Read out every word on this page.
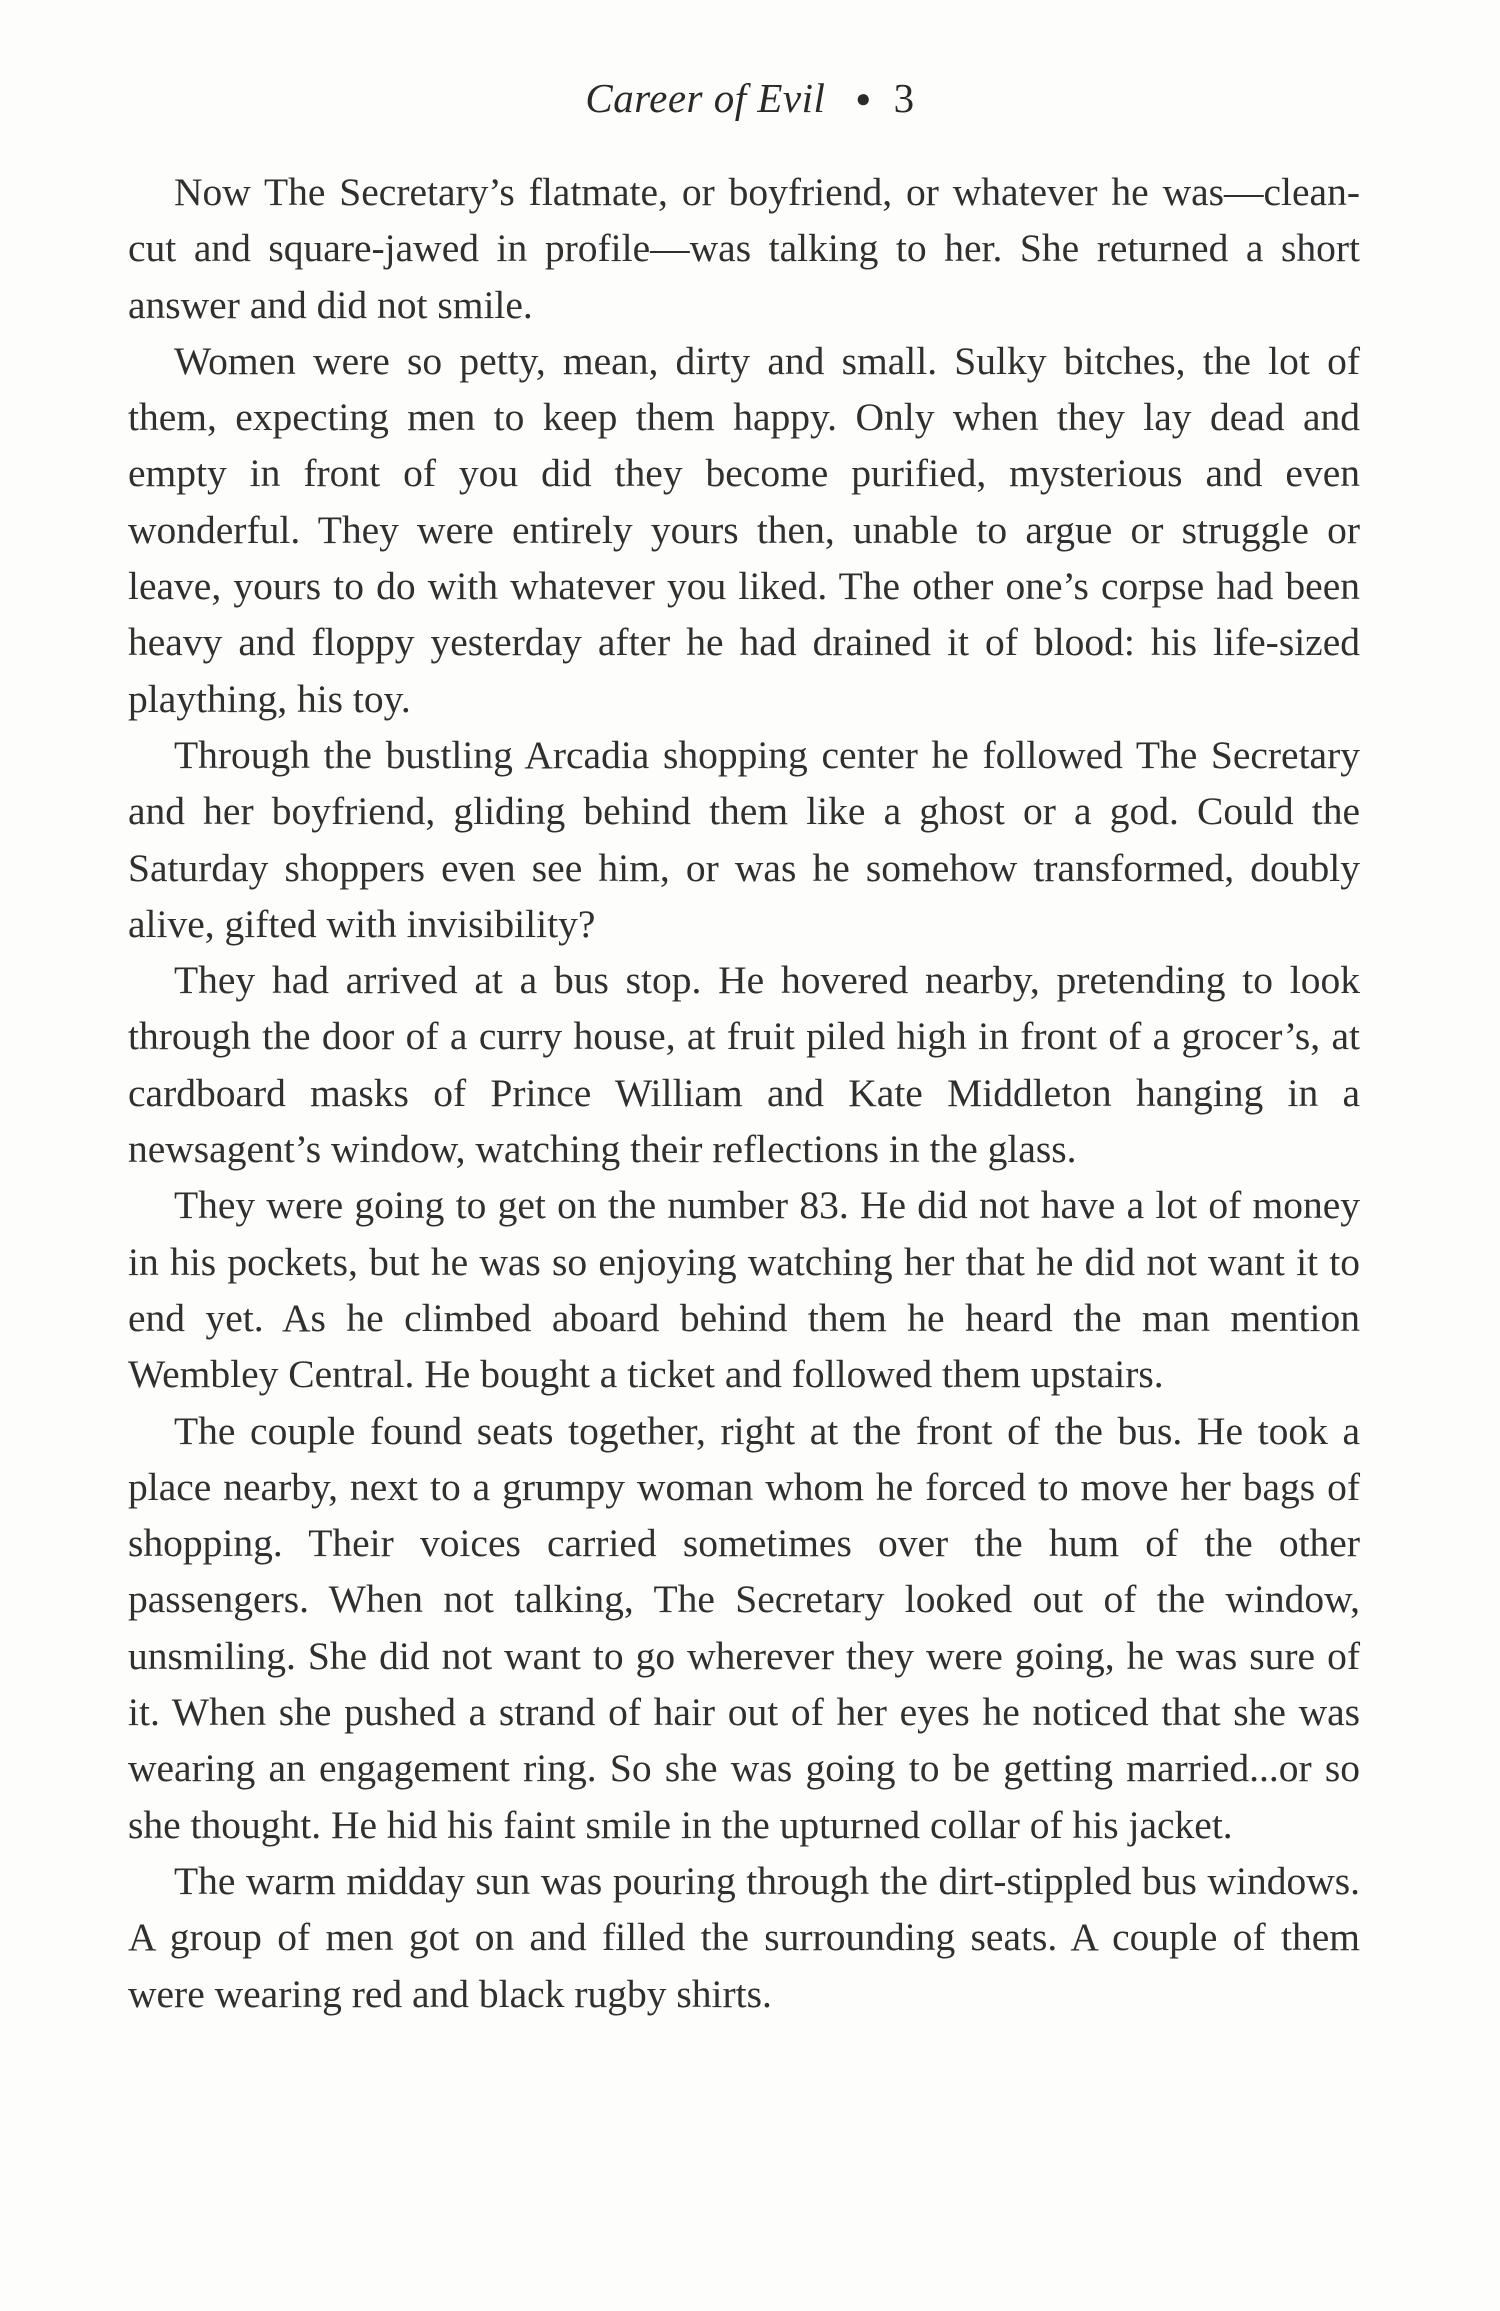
Career of Evil ● 3

Now The Secretary’s flatmate, or boyfriend, or whatever he was—clean-cut and square-jawed in profile—was talking to her. She returned a short answer and did not smile.

Women were so petty, mean, dirty and small. Sulky bitches, the lot of them, expecting men to keep them happy. Only when they lay dead and empty in front of you did they become purified, mysterious and even wonderful. They were entirely yours then, unable to argue or struggle or leave, yours to do with whatever you liked. The other one’s corpse had been heavy and floppy yesterday after he had drained it of blood: his life-sized plaything, his toy.

Through the bustling Arcadia shopping center he followed The Secretary and her boyfriend, gliding behind them like a ghost or a god. Could the Saturday shoppers even see him, or was he somehow transformed, doubly alive, gifted with invisibility?

They had arrived at a bus stop. He hovered nearby, pretending to look through the door of a curry house, at fruit piled high in front of a grocer’s, at cardboard masks of Prince William and Kate Middleton hanging in a newsagent’s window, watching their reflections in the glass.

They were going to get on the number 83. He did not have a lot of money in his pockets, but he was so enjoying watching her that he did not want it to end yet. As he climbed aboard behind them he heard the man mention Wembley Central. He bought a ticket and followed them upstairs.

The couple found seats together, right at the front of the bus. He took a place nearby, next to a grumpy woman whom he forced to move her bags of shopping. Their voices carried sometimes over the hum of the other passengers. When not talking, The Secretary looked out of the window, unsmiling. She did not want to go wherever they were going, he was sure of it. When she pushed a strand of hair out of her eyes he noticed that she was wearing an engagement ring. So she was going to be getting married...or so she thought. He hid his faint smile in the upturned collar of his jacket.

The warm midday sun was pouring through the dirt-stippled bus windows. A group of men got on and filled the surrounding seats. A couple of them were wearing red and black rugby shirts.
